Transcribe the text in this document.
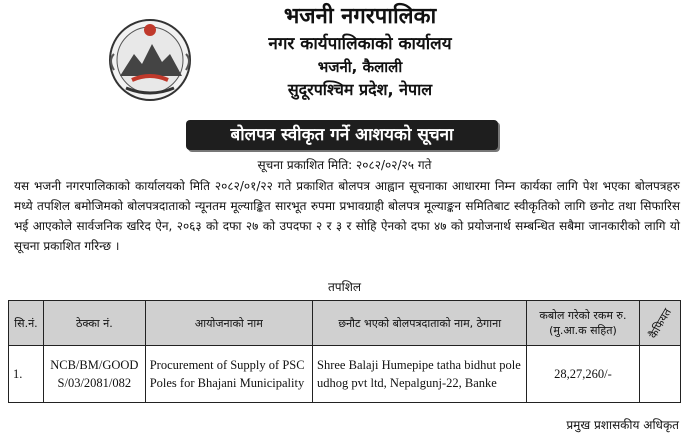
भजनी नगरपालिका
नगर कार्यपालिकाको कार्यालय
भजनी, कैलाली
सुदूरपश्चिम प्रदेश, नेपाल
बोलपत्र स्वीकृत गर्ने आशयको सूचना
सूचना प्रकाशित मिति: २०८२/०२/२५ गते
यस भजनी नगरपालिकाको कार्यालयको मिति २०८२/०१/२२ गते प्रकाशित बोलपत्र आह्वान सूचनाका आधारमा निम्न कार्यका लागि पेश भएका बोलपत्रहरु मध्ये तपशिल बमोजिमको बोलपत्रदाताको न्यूनतम मूल्याङ्कित सारभूत रुपमा प्रभावग्राही बोलपत्र मूल्याङ्कन समितिबाट स्वीकृतिको लागि छनोट तथा सिफारिस भई आएकोले सार्वजनिक खरिद ऐन, २०६३ को दफा २७ को उपदफा २ र ३ र सोहि ऐनको दफा ४७ को प्रयोजनार्थ सम्बन्धित सबैमा जानकारीको लागि यो सूचना प्रकाशित गरिन्छ ।
तपशिल
सि.नं.	ठेक्का नं.	आयोजनाको नाम	छनौट भएको बोलपत्रदाताको नाम, ठेगाना	कबोल गरेको रकम रु. (मु.आ.क सहित)	कैफियत
1.	NCB/BM/GOODS/03/2081/082	Procurement of Supply of PSC Poles for Bhajani Municipality	Shree Balaji Humepipe tatha bidhut pole udhog pvt ltd, Nepalgunj-22, Banke	28,27,260/-	
प्रमुख प्रशासकीय अधिकृत
